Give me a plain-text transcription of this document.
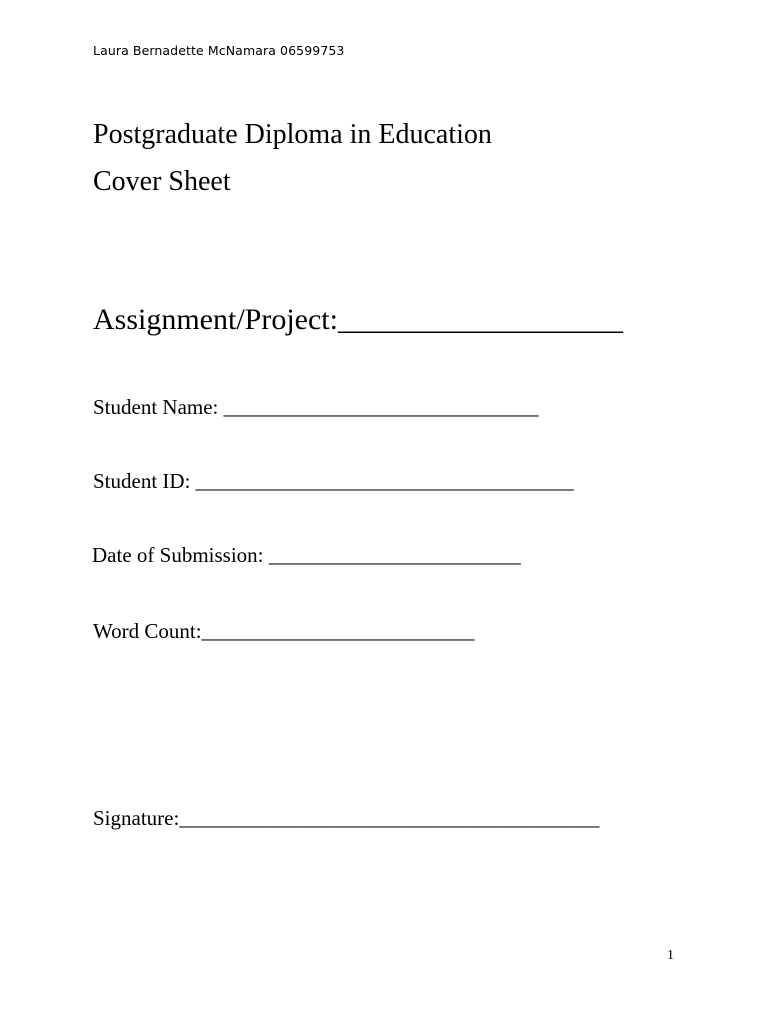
Laura Bernadette McNamara 06599753
Postgraduate Diploma in Education
Cover Sheet
Assignment/Project:___________________
Student Name: ______________________________
Student ID: ____________________________________
Date of Submission: ________________________
Word Count:__________________________
Signature:________________________________________
1
